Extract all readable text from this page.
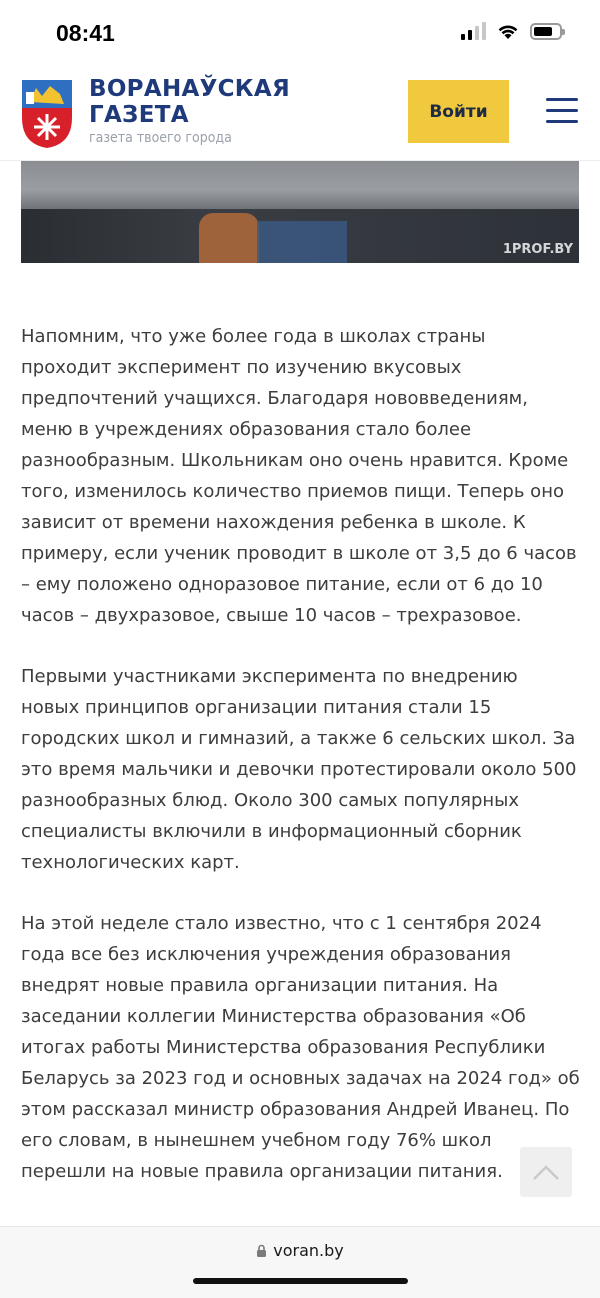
08:41
ВОРАНАЎСКАЯ
ГАЗЕТА
газета твоего города
Войти
1PROF.BY

Напомним, что уже более года в школах страны проходит эксперимент по изучению вкусовых предпочтений учащихся. Благодаря нововведениям, меню в учреждениях образования стало более разнообразным. Школьникам оно очень нравится. Кроме того, изменилось количество приемов пищи. Теперь оно зависит от времени нахождения ребенка в школе. К примеру, если ученик проводит в школе от 3,5 до 6 часов – ему положено одноразовое питание, если от 6 до 10 часов – двухразовое, свыше 10 часов – трехразовое.

Первыми участниками эксперимента по внедрению новых принципов организации питания стали 15 городских школ и гимназий, а также 6 сельских школ. За это время мальчики и девочки протестировали около 500 разнообразных блюд. Около 300 самых популярных специалисты включили в информационный сборник технологических карт.

На этой неделе стало известно, что с 1 сентября 2024 года все без исключения учреждения образования внедрят новые правила организации питания. На заседании коллегии Министерства образования «Об итогах работы Министерства образования Республики Беларусь за 2023 год и основных задачах на 2024 год» об этом рассказал министр образования Андрей Иванец. По его словам, в нынешнем учебном году 76% школ перешли на новые правила организации питания.

voran.by
